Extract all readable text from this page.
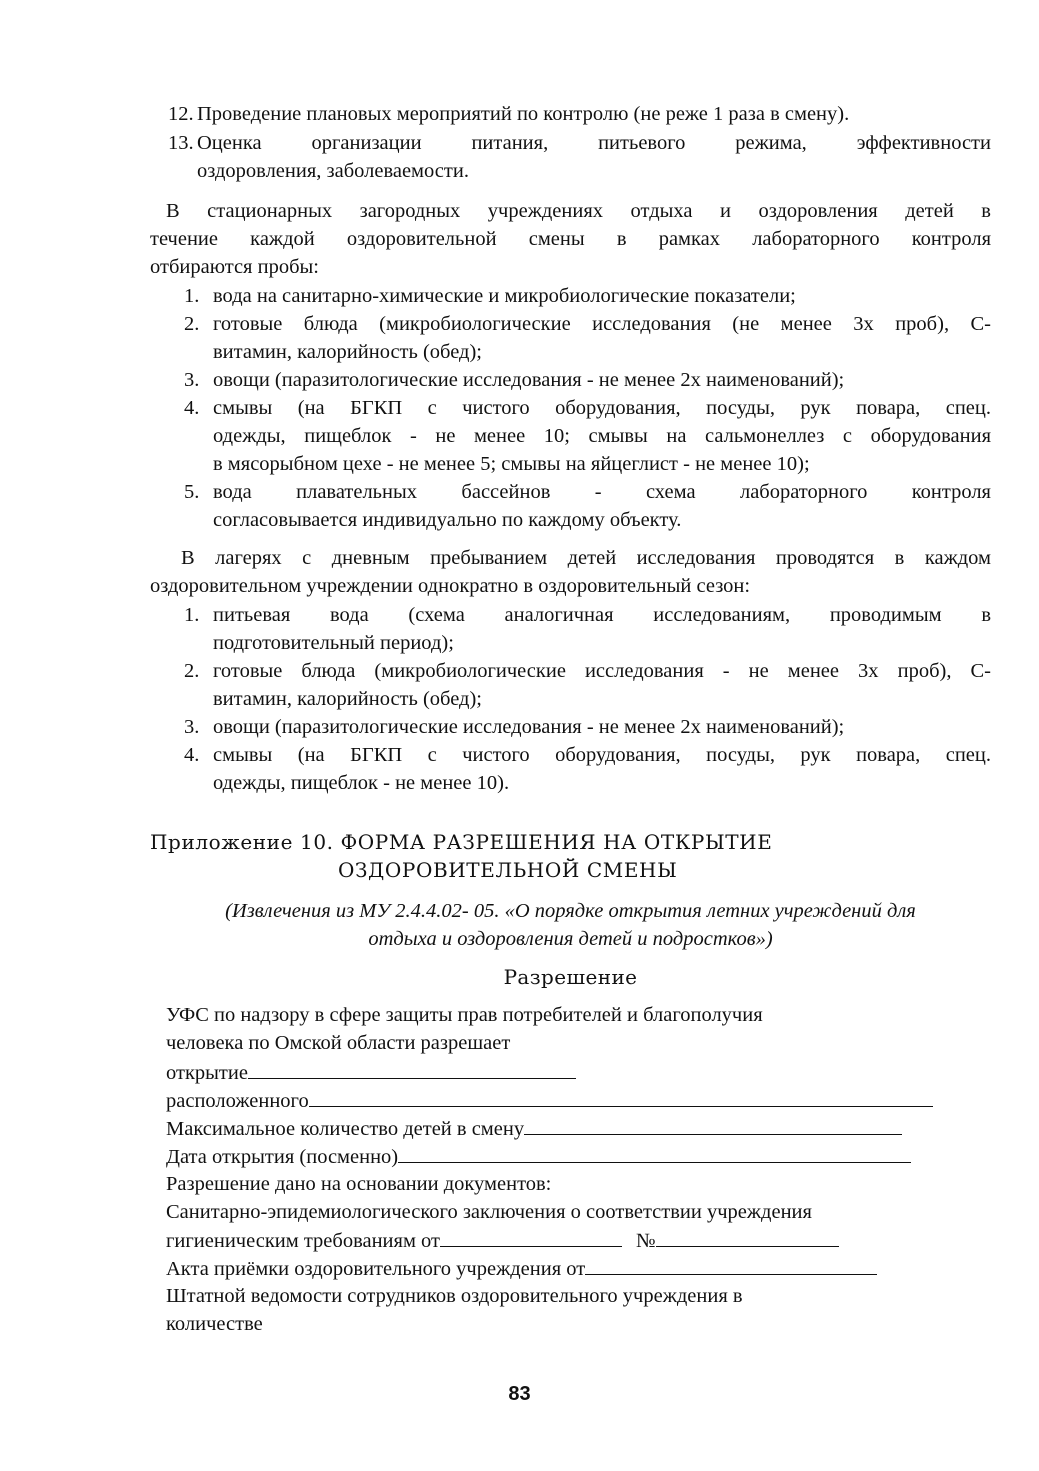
12. Проведение плановых мероприятий по контролю (не реже 1 раза в смену).
13. Оценка организации питания, питьевого режима, эффективности
оздоровления, заболеваемости.
В стационарных загородных учреждениях отдыха и оздоровления детей в
течение каждой оздоровительной смены в рамках лабораторного контроля
отбираются пробы:
1. вода на санитарно-химические и микробиологические показатели;
2. готовые блюда (микробиологические исследования (не менее 3х проб), С-
витамин, калорийность (обед);
3. овощи (паразитологические исследования - не менее 2х наименований);
4. смывы (на БГКП с чистого оборудования, посуды, рук повара, спец.
одежды, пищеблок - не менее 10; смывы на сальмонеллез с оборудования
в мясорыбном цехе - не менее 5; смывы на яйцеглист - не менее 10);
5. вода плавательных бассейнов - схема лабораторного контроля
согласовывается индивидуально по каждому объекту.
В лагерях с дневным пребыванием детей исследования проводятся в каждом
оздоровительном учреждении однократно в оздоровительный сезон:
1. питьевая вода (схема аналогичная исследованиям, проводимым в
подготовительный период);
2. готовые блюда (микробиологические исследования - не менее 3х проб), С-
витамин, калорийность (обед);
3. овощи (паразитологические исследования - не менее 2х наименований);
4. смывы (на БГКП с чистого оборудования, посуды, рук повара, спец.
одежды, пищеблок - не менее 10).
Приложение 10. ФОРМА РАЗРЕШЕНИЯ НА ОТКРЫТИЕ
ОЗДОРОВИТЕЛЬНОЙ СМЕНЫ
(Извлечения из МУ 2.4.4.02- 05. «О порядке открытия летних учреждений для
отдыха и оздоровления детей и подростков»)
Разрешение
УФС по надзору в сфере защиты прав потребителей и благополучия
человека по Омской области разрешает
открытие
расположенного
Максимальное количество детей в смену
Дата открытия (посменно)
Разрешение дано на основании документов:
Санитарно-эпидемиологического заключения о соответствии учреждения
гигиеническим требованиям от	№
Акта приёмки оздоровительного учреждения от
Штатной ведомости сотрудников оздоровительного учреждения в
количестве
83
